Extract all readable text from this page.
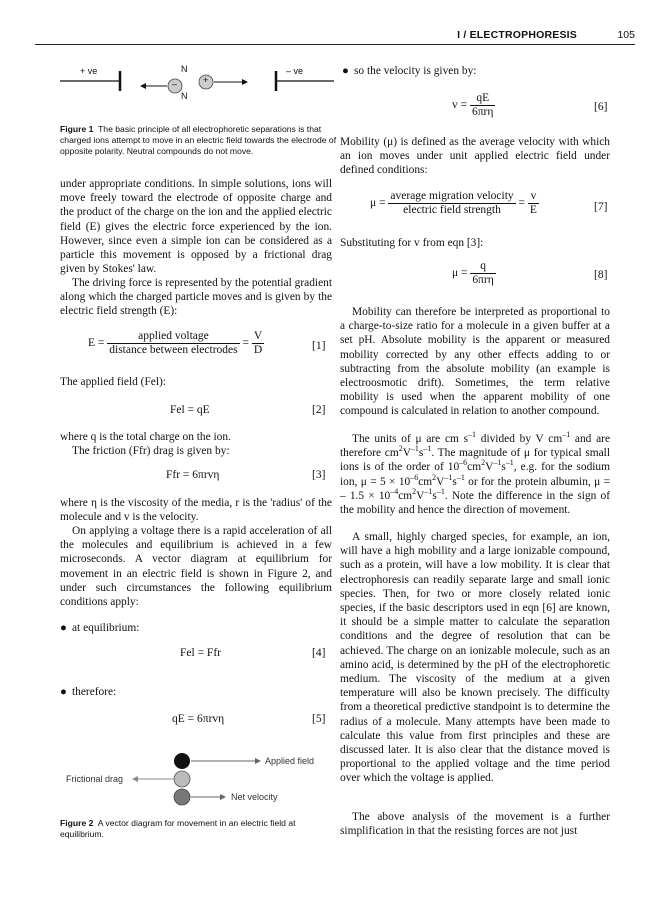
I / ELECTROPHORESIS	105
+ ve	– ve
N
N
+
–
Figure 1 The basic principle of all electrophoretic separations is that charged ions attempt to move in an electric field towards the electrode of opposite polarity. Neutral compounds do not move.

under appropriate conditions. In simple solutions, ions will move freely toward the electrode of opposite charge and the product of the charge on the ion and the applied electric field (E) gives the electric force experienced by the ion. However, since even a simple ion can be considered as a particle this movement is opposed by a frictional drag given by Stokes' law.

The driving force is represented by the potential gradient along which the charged particle moves and is given by the electric field strength (E):

$E = \frac{\text{applied voltage}}{\text{distance between electrodes}} = \frac{V}{D}$	[1]

The applied field (Fel):

Fel = qE	[2]

where q is the total charge on the ion.

The friction (Ffr) drag is given by:

Ffr = 6πrvη	[3]

where η is the viscosity of the media, r is the 'radius' of the molecule and v is the velocity.

On applying a voltage there is a rapid acceleration of all the molecules and equilibrium is achieved in a few microseconds. A vector diagram at equilibrium for movement in an electric field is shown in Figure 2, and under such circumstances the following equilibrium conditions apply:

● at equilibrium:
Fel = Ffr	[4]
● therefore:
qE = 6πrvη	[5]
Applied field
Frictional drag
Net velocity
Figure 2 A vector diagram for movement in an electric field at equilibrium.
● so the velocity is given by:
$v = \frac{qE}{\text{6πrη}}$	[6]

Mobility (μ) is defined as the average velocity with which an ion moves under unit applied electric field under defined conditions:

$\mu = \frac{\text{average migration velocity}}{\text{electric field strength}} = \frac{v}{E}$	[7]

Substituting for v from eqn [3]:

$\mu = \frac{q}{\text{6πrη}}$	[8]

Mobility can therefore be interpreted as proportional to a charge-to-size ratio for a molecule in a given buffer at a set pH. Absolute mobility is the apparent or measured mobility corrected by any other effects adding to or subtracting from the absolute mobility (an example is electroosmotic drift). Sometimes, the term relative mobility is used when the apparent mobility of one compound is calculated in relation to another compound.

The units of μ are cm $s^{-1}$ divided by V $cm^{-1}$ and are therefore $cm^2V^{-1}s^{-1}$. The magnitude of μ for typical small ions is of the order of $10^{-6}cm^2V^{-1}s^{-1}$, e.g. for the sodium ion, $\mu = 5 \times 10^{-6}cm^2V^{-1}s^{-1}$ or for the protein albumin, μ = – $1.5 \times 10^{-4}cm^2V^{-1}s^{-1}$. Note the difference in the sign of the mobility and hence the direction of movement.

A small, highly charged species, for example, an ion, will have a high mobility and a large ionizable compound, such as a protein, will have a low mobility. It is clear that electrophoresis can readily separate large and small ionic species. Then, for two or more closely related ionic species, if the basic descriptors used in eqn [6] are known, it should be a simple matter to calculate the separation conditions and the degree of resolution that can be achieved. The charge on an ionizable molecule, such as an amino acid, is determined by the pH of the electrophoretic medium. The viscosity of the medium at a given temperature will also be known precisely. The difficulty from a theoretical predictive standpoint is to determine the radius of a molecule. Many attempts have been made to calculate this value from first principles and these are discussed later. It is also clear that the distance moved is proportional to the applied voltage and the time period over which the voltage is applied.

The above analysis of the movement is a further simplification in that the resisting forces are not just
